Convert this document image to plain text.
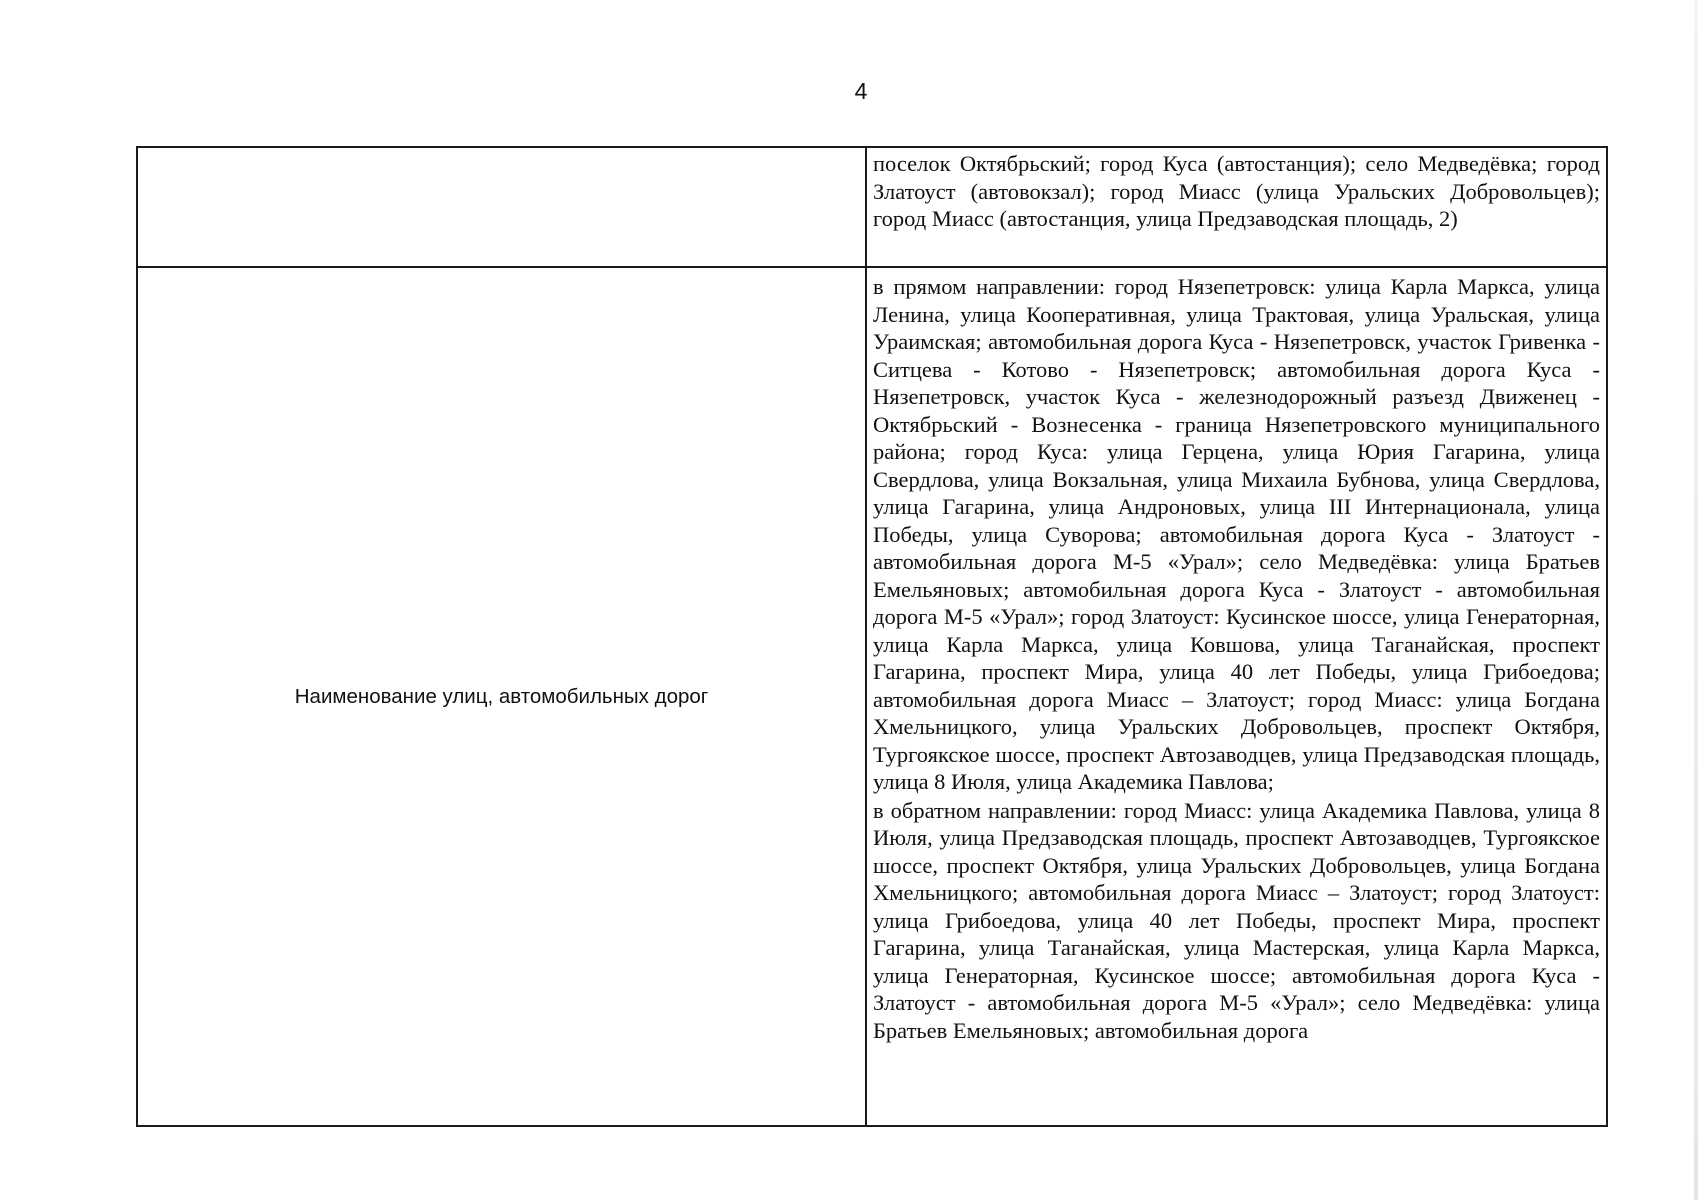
4

	поселок Октябрьский; город Куса (автостанция); село Медведёвка; город Златоуст (автовокзал); город Миасс (улица Уральских Добровольцев); город Миасс (автостанция, улица Предзаводская площадь, 2)

Наименование улиц, автомобильных дорог	в прямом направлении: город Нязепетровск: улица Карла Маркса, улица Ленина, улица Кооперативная, улица Трактовая, улица Уральская, улица Ураимская; автомобильная дорога Куса - Нязепетровск, участок Гривенка - Ситцева - Котово - Нязепетровск; автомобильная дорога Куса - Нязепетровск, участок Куса - железнодорожный разъезд Движенец - Октябрьский - Вознесенка - граница Нязепетровского муниципального района; город Куса: улица Герцена, улица Юрия Гагарина, улица Свердлова, улица Вокзальная, улица Михаила Бубнова, улица Свердлова, улица Гагарина, улица Андроновых, улица III Интернационала, улица Победы, улица Суворова; автомобильная дорога Куса - Златоуст - автомобильная дорога М-5 «Урал»; село Медведёвка: улица Братьев Емельяновых; автомобильная дорога Куса - Златоуст - автомобильная дорога М-5 «Урал»; город Златоуст: Кусинское шоссе, улица Генераторная, улица Карла Маркса, улица Ковшова, улица Таганайская, проспект Гагарина, проспект Мира, улица 40 лет Победы, улица Грибоедова; автомобильная дорога Миасс – Златоуст; город Миасс: улица Богдана Хмельницкого, улица Уральских Добровольцев, проспект Октября, Тургоякское шоссе, проспект Автозаводцев, улица Предзаводская площадь, улица 8 Июля, улица Академика Павлова;

в обратном направлении: город Миасс: улица Академика Павлова, улица 8 Июля, улица Предзаводская площадь, проспект Автозаводцев, Тургоякское шоссе, проспект Октября, улица Уральских Добровольцев, улица Богдана Хмельницкого; автомобильная дорога Миасс – Златоуст; город Златоуст: улица Грибоедова, улица 40 лет Победы, проспект Мира, проспект Гагарина, улица Таганайская, улица Мастерская, улица Карла Маркса, улица Генераторная, Кусинское шоссе; автомобильная дорога Куса - Златоуст - автомобильная дорога М-5 «Урал»; село Медведёвка: улица Братьев Емельяновых; автомобильная дорога
